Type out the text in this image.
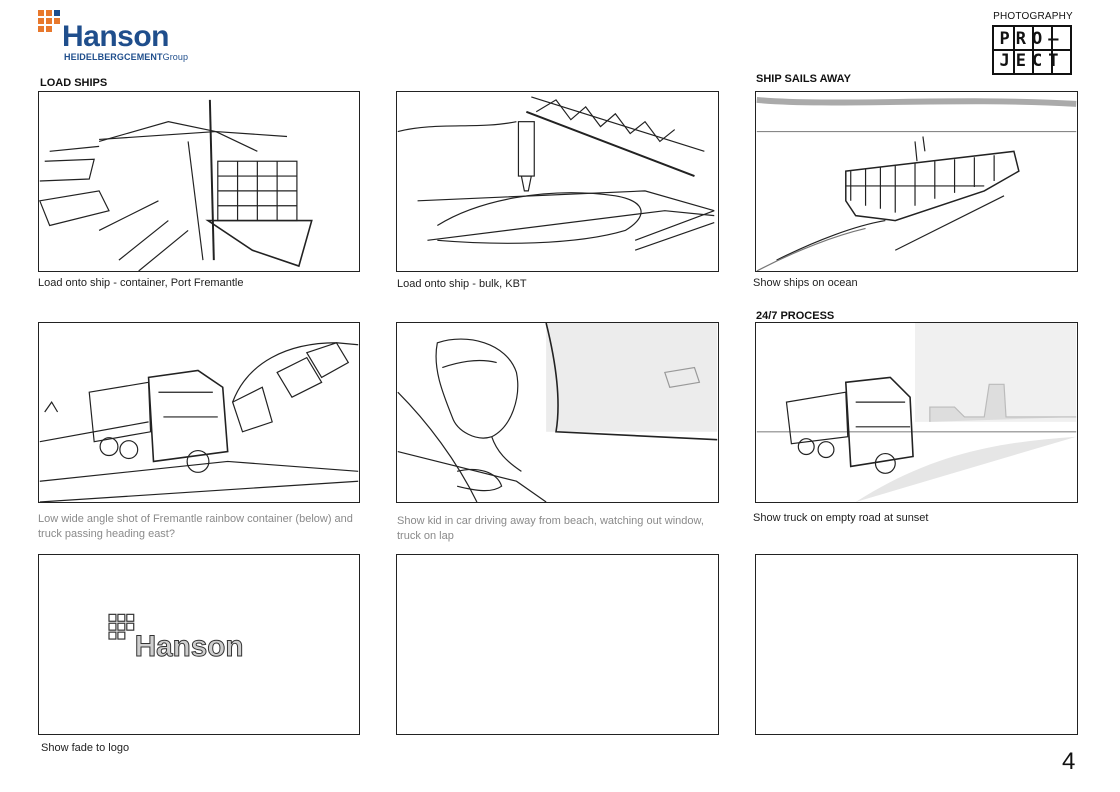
Hanson
HEIDELBERGCEMENTGroup
PHOTOGRAPHY
PRO–
JECT
LOAD SHIPS	SHIP SAILS AWAY
24/7 PROCESS
Load onto ship - container, Port Fremantle	Load onto ship - bulk, KBT	Show ships on ocean
Low wide angle shot of Fremantle rainbow container (below) and truck passing heading east?
Show kid in car driving away from beach, watching out window, truck on lap
Show truck on empty road at sunset
Hanson
Show fade to logo	4
